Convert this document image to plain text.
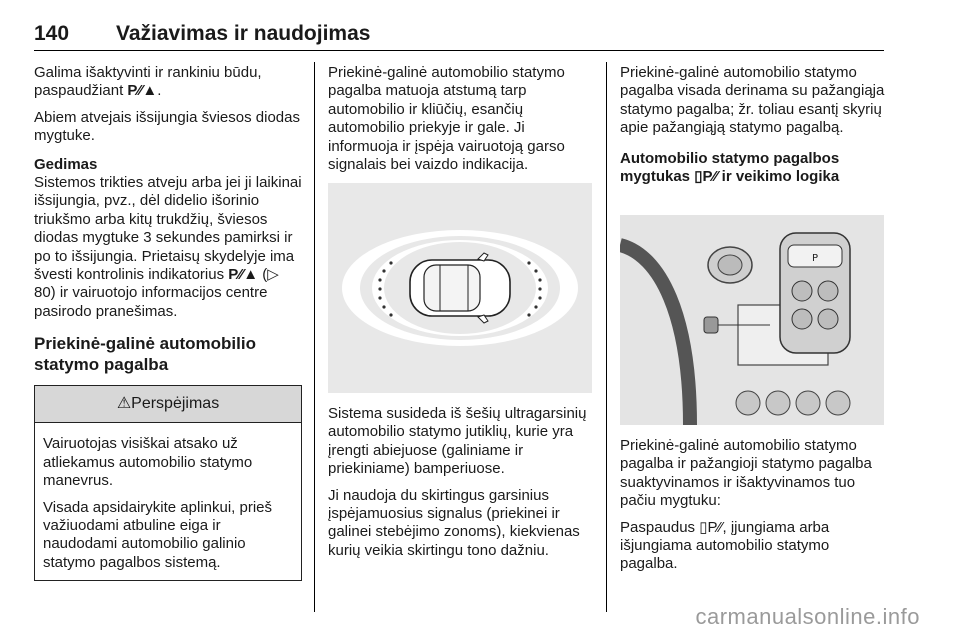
140 Važiavimas ir naudojimas

Galima išaktyvinti ir rankiniu būdu,
paspaudžiant P⁄⁄▲.

Abiem atvejais išsijungia šviesos diodas mygtuke.

Gedimas

Sistemos trikties atveju arba jei ji laikinai išsijungia, pvz., dėl didelio išorinio triukšmo arba kitų trukdžių, šviesos diodas mygtuke 3 sekundes pamirksi ir po to išsijungia. Prietaisų skydelyje ima švesti kontrolinis indikatorius P⁄⁄▲ (▷ 80) ir vairuotojo informacijos centre pasirodo pranešimas.

Priekinė-galinė automobilio statymo pagalba
⚠Perspėjimas

Vairuotojas visiškai atsako už atliekamus automobilio statymo manevrus.

Visada apsidairykite aplinkui, prieš važiuodami atbuline eiga ir naudodami automobilio galinio statymo pagalbos sistemą.

Priekinė-galinė automobilio statymo pagalba matuoja atstumą tarp automobilio ir kliūčių, esančių automobilio priekyje ir gale. Ji informuoja ir įspėja vairuotoją garso signalais bei vaizdo indikacija.

Sistema susideda iš šešių ultragarsinių automobilio statymo jutiklių, kurie yra įrengti abiejuose (galiniame ir priekiniame) bamperiuose.

Ji naudoja du skirtingus garsinius įspėjamuosius signalus (priekinei ir galinei stebėjimo zonoms), kiekvienas kurių veikia skirtingu tono dažniu.

Priekinė-galinė automobilio statymo pagalba visada derinama su pažangiąja statymo pagalba; žr. toliau esantį skyrių apie pažangiąją statymo pagalbą.

Automobilio statymo pagalbos mygtukas ▯P⁄⁄ ir veikimo logika

P

Priekinė-galinė automobilio statymo pagalba ir pažangioji statymo pagalba suaktyvinamos ir išaktyvinamos tuo pačiu mygtuku:

Paspaudus ▯P⁄⁄, įjungiama arba išjungiama automobilio statymo pagalba.

carmanualsonline.info
